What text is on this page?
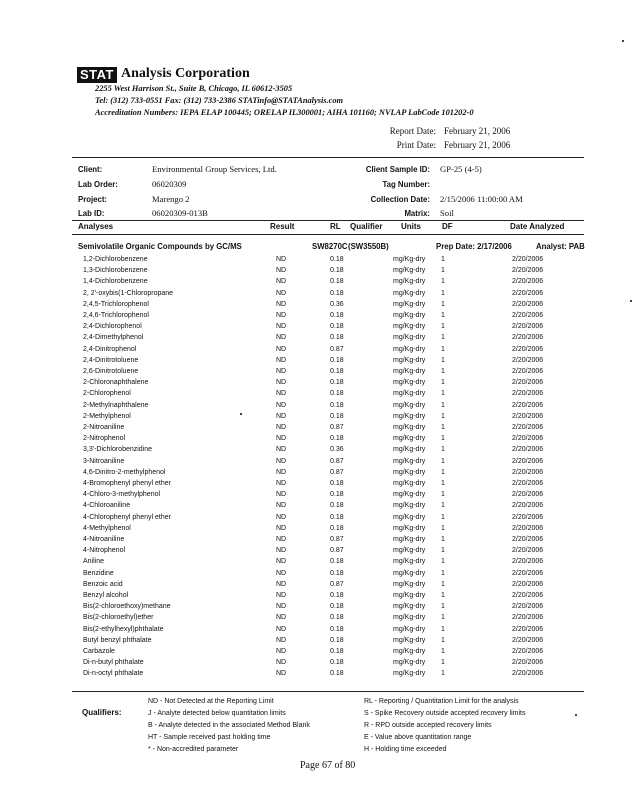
STAT Analysis Corporation
2255 West Harrison St., Suite B, Chicago, IL 60612-3505
Tel: (312) 733-0551 Fax: (312) 733-2386 STATinfo@STATAnalysis.com
Accreditation Numbers: IEPA ELAP 100445; ORELAP IL300001; AIHA 101160; NVLAP LabCode 101202-0
Report Date: February 21, 2006
Print Date: February 21, 2006
Client:	Environmental Group Services, Ltd.
Lab Order:	06020309
Project:	Marengo 2
Lab ID:	06020309-013B
Client Sample ID: GP-25 (4-5)
Tag Number:
Collection Date: 2/15/2006 11:00:00 AM
Matrix: Soil
Analyses	Result	RL Qualifier Units	DF	Date Analyzed
Semivolatile Organic Compounds by GC/MS	SW8270C (SW3550B)	Prep Date: 2/17/2006	Analyst: PAB
1,2-Dichlorobenzene	ND	0.18	mg/Kg-dry 1	2/20/2006
1,3-Dichlorobenzene	ND	0.18	mg/Kg-dry 1	2/20/2006
1,4-Dichlorobenzene	ND	0.18	mg/Kg-dry 1	2/20/2006
2, 2'-oxybis(1-Chloropropane	ND	0.18	mg/Kg-dry 1	2/20/2006
2,4,5-Trichlorophenol	ND	0.36	mg/Kg-dry 1	2/20/2006
2,4,6-Trichlorophenol	ND	0.18	mg/Kg-dry 1	2/20/2006
2,4-Dichlorophenol	ND	0.18	mg/Kg-dry 1	2/20/2006
2,4-Dimethylphenol	ND	0.18	mg/Kg-dry 1	2/20/2006
2,4-Dinitrophenol	ND	0.87	mg/Kg-dry 1	2/20/2006
2,4-Dinitrotoluene	ND	0.18	mg/Kg-dry 1	2/20/2006
2,6-Dinitrotoluene	ND	0.18	mg/Kg-dry 1	2/20/2006
2-Chloronaphthalene	ND	0.18	mg/Kg-dry 1	2/20/2006
2-Chlorophenol	ND	0.18	mg/Kg-dry 1	2/20/2006
2-Methylnaphthalene	ND	0.18	mg/Kg-dry 1	2/20/2006
2-Methylphenol	ND	0.18	mg/Kg-dry 1	2/20/2006
2-Nitroaniline	ND	0.87	mg/Kg-dry 1	2/20/2006
2-Nitrophenol	ND	0.18	mg/Kg-dry 1	2/20/2006
3,3'-Dichlorobenzidine	ND	0.36	mg/Kg-dry 1	2/20/2006
3-Nitroaniline	ND	0.87	mg/Kg-dry 1	2/20/2006
4,6-Dinitro-2-methylphenol	ND	0.87	mg/Kg-dry 1	2/20/2006
4-Bromophenyl phenyl ether	ND	0.18	mg/Kg-dry 1	2/20/2006
4-Chloro-3-methylphenol	ND	0.18	mg/Kg-dry 1	2/20/2006
4-Chloroaniline	ND	0.18	mg/Kg-dry 1	2/20/2006
4-Chlorophenyl phenyl ether	ND	0.18	mg/Kg-dry 1	2/20/2006
4-Methylphenol	ND	0.18	mg/Kg-dry 1	2/20/2006
4-Nitroaniline	ND	0.87	mg/Kg-dry 1	2/20/2006
4-Nitrophenol	ND	0.87	mg/Kg-dry 1	2/20/2006
Aniline	ND	0.18	mg/Kg-dry 1	2/20/2006
Benzidine	ND	0.18	mg/Kg-dry 1	2/20/2006
Benzoic acid	ND	0.87	mg/Kg-dry 1	2/20/2006
Benzyl alcohol	ND	0.18	mg/Kg-dry 1	2/20/2006
Bis(2-chloroethoxy)methane	ND	0.18	mg/Kg-dry 1	2/20/2006
Bis(2-chloroethyl)ether	ND	0.18	mg/Kg-dry 1	2/20/2006
Bis(2-ethylhexyl)phthalate	ND	0.18	mg/Kg-dry 1	2/20/2006
Butyl benzyl phthalate	ND	0.18	mg/Kg-dry 1	2/20/2006
Carbazole	ND	0.18	mg/Kg-dry 1	2/20/2006
Di-n-butyl phthalate	ND	0.18	mg/Kg-dry 1	2/20/2006
Di-n-octyl phthalate	ND	0.18	mg/Kg-dry 1	2/20/2006
Qualifiers:
ND - Not Detected at the Reporting Limit
J - Analyte detected below quantitation limits
B - Analyte detected in the associated Method Blank
HT - Sample received past holding time
* - Non-accredited parameter
RL - Reporting / Quantitation Limit for the analysis
S - Spike Recovery outside accepted recovery limits
R - RPD outside accepted recovery limits
E - Value above quantitation range
H - Holding time exceeded
Page 67 of 80
